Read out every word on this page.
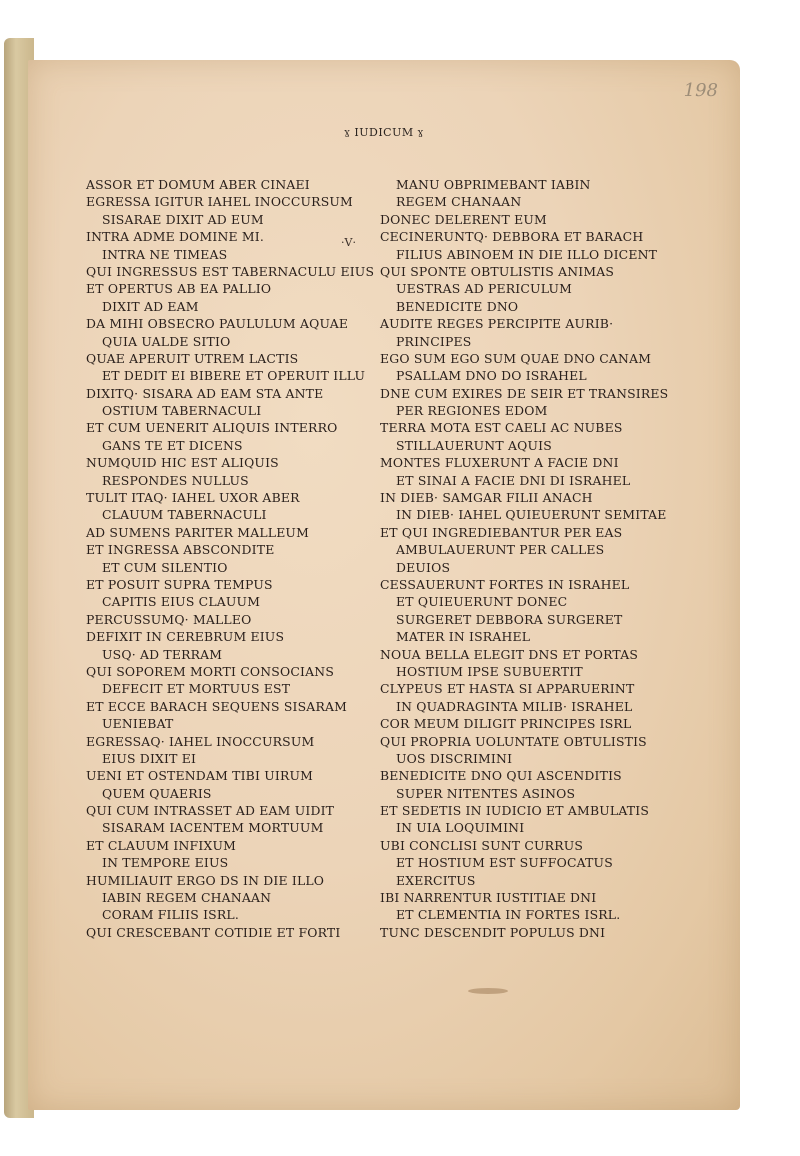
198
ɣ IUDICUM ɣ
·V·
ASSOR ET DOMUM ABER CINAEI
EGRESSA IGITUR IAHEL INOCCURSUM
SISARAE DIXIT AD EUM
INTRA ADME DOMINE MI.
INTRA NE TIMEAS
QUI INGRESSUS EST TABERNACULU EIUS
ET OPERTUS AB EA PALLIO
DIXIT AD EAM
DA MIHI OBSECRO PAULULUM AQUAE
QUIA UALDE SITIO
QUAE APERUIT UTREM LACTIS
ET DEDIT EI BIBERE ET OPERUIT ILLU
DIXITQ· SISARA AD EAM STA ANTE
OSTIUM TABERNACULI
ET CUM UENERIT ALIQUIS INTERRO
GANS TE ET DICENS
NUMQUID HIC EST ALIQUIS
RESPONDES NULLUS
TULIT ITAQ· IAHEL UXOR ABER
CLAUUM TABERNACULI
AD SUMENS PARITER MALLEUM
ET INGRESSA ABSCONDITE
ET CUM SILENTIO
ET POSUIT SUPRA TEMPUS
CAPITIS EIUS CLAUUM
PERCUSSUMQ· MALLEO
DEFIXIT IN CEREBRUM EIUS
USQ· AD TERRAM
QUI SOPOREM MORTI CONSOCIANS
DEFECIT ET MORTUUS EST
ET ECCE BARACH SEQUENS SISARAM
UENIEBAT
EGRESSAQ· IAHEL INOCCURSUM
EIUS DIXIT EI
UENI ET OSTENDAM TIBI UIRUM
QUEM QUAERIS
QUI CUM INTRASSET AD EAM UIDIT
SISARAM IACENTEM MORTUUM
ET CLAUUM INFIXUM
IN TEMPORE EIUS
HUMILIAUIT ERGO DS IN DIE ILLO
IABIN REGEM CHANAAN
CORAM FILIIS ISRL.
QUI CRESCEBANT COTIDIE ET FORTI
MANU OBPRIMEBANT IABIN
REGEM CHANAAN
DONEC DELERENT EUM
CECINERUNTQ· DEBBORA ET BARACH
FILIUS ABINOEM IN DIE ILLO DICENT
QUI SPONTE OBTULISTIS ANIMAS
UESTRAS AD PERICULUM
BENEDICITE DNO
AUDITE REGES PERCIPITE AURIB·
PRINCIPES
EGO SUM EGO SUM QUAE DNO CANAM
PSALLAM DNO DO ISRAHEL
DNE CUM EXIRES DE SEIR ET TRANSIRES
PER REGIONES EDOM
TERRA MOTA EST CAELI AC NUBES
STILLAUERUNT AQUIS
MONTES FLUXERUNT A FACIE DNI
ET SINAI A FACIE DNI DI ISRAHEL
IN DIEB· SAMGAR FILII ANACH
IN DIEB· IAHEL QUIEUERUNT SEMITAE
ET QUI INGREDIEBANTUR PER EAS
AMBULAUERUNT PER CALLES
DEUIOS
CESSAUERUNT FORTES IN ISRAHEL
ET QUIEUERUNT DONEC
SURGERET DEBBORA SURGERET
MATER IN ISRAHEL
NOUA BELLA ELEGIT DNS ET PORTAS
HOSTIUM IPSE SUBUERTIT
CLYPEUS ET HASTA SI APPARUERINT
IN QUADRAGINTA MILIB· ISRAHEL
COR MEUM DILIGIT PRINCIPES ISRL
QUI PROPRIA UOLUNTATE OBTULISTIS
UOS DISCRIMINI
BENEDICITE DNO QUI ASCENDITIS
SUPER NITENTES ASINOS
ET SEDETIS IN IUDICIO ET AMBULATIS
IN UIA LOQUIMINI
UBI CONCLISI SUNT CURRUS
ET HOSTIUM EST SUFFOCATUS
EXERCITUS
IBI NARRENTUR IUSTITIAE DNI
ET CLEMENTIA IN FORTES ISRL.
TUNC DESCENDIT POPULUS DNI
